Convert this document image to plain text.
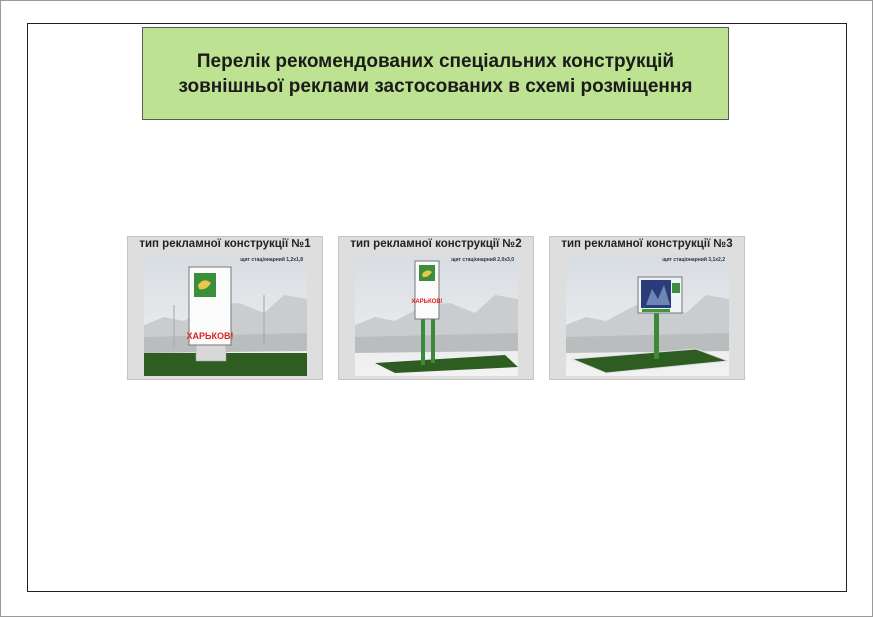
Перелік рекомендованих спеціальних конструкцій
зовнішньої реклами застосованих в схемі розміщення
тип рекламної конструкції №1
ХАРЬКОВ!
щит стаціонарний 1,2х1,8
тип рекламної конструкції №2
ХАРЬКОВ!
щит стаціонарний 2,0х3,0
тип рекламної конструкції №3
щит стаціонарний 3,1х2,2
